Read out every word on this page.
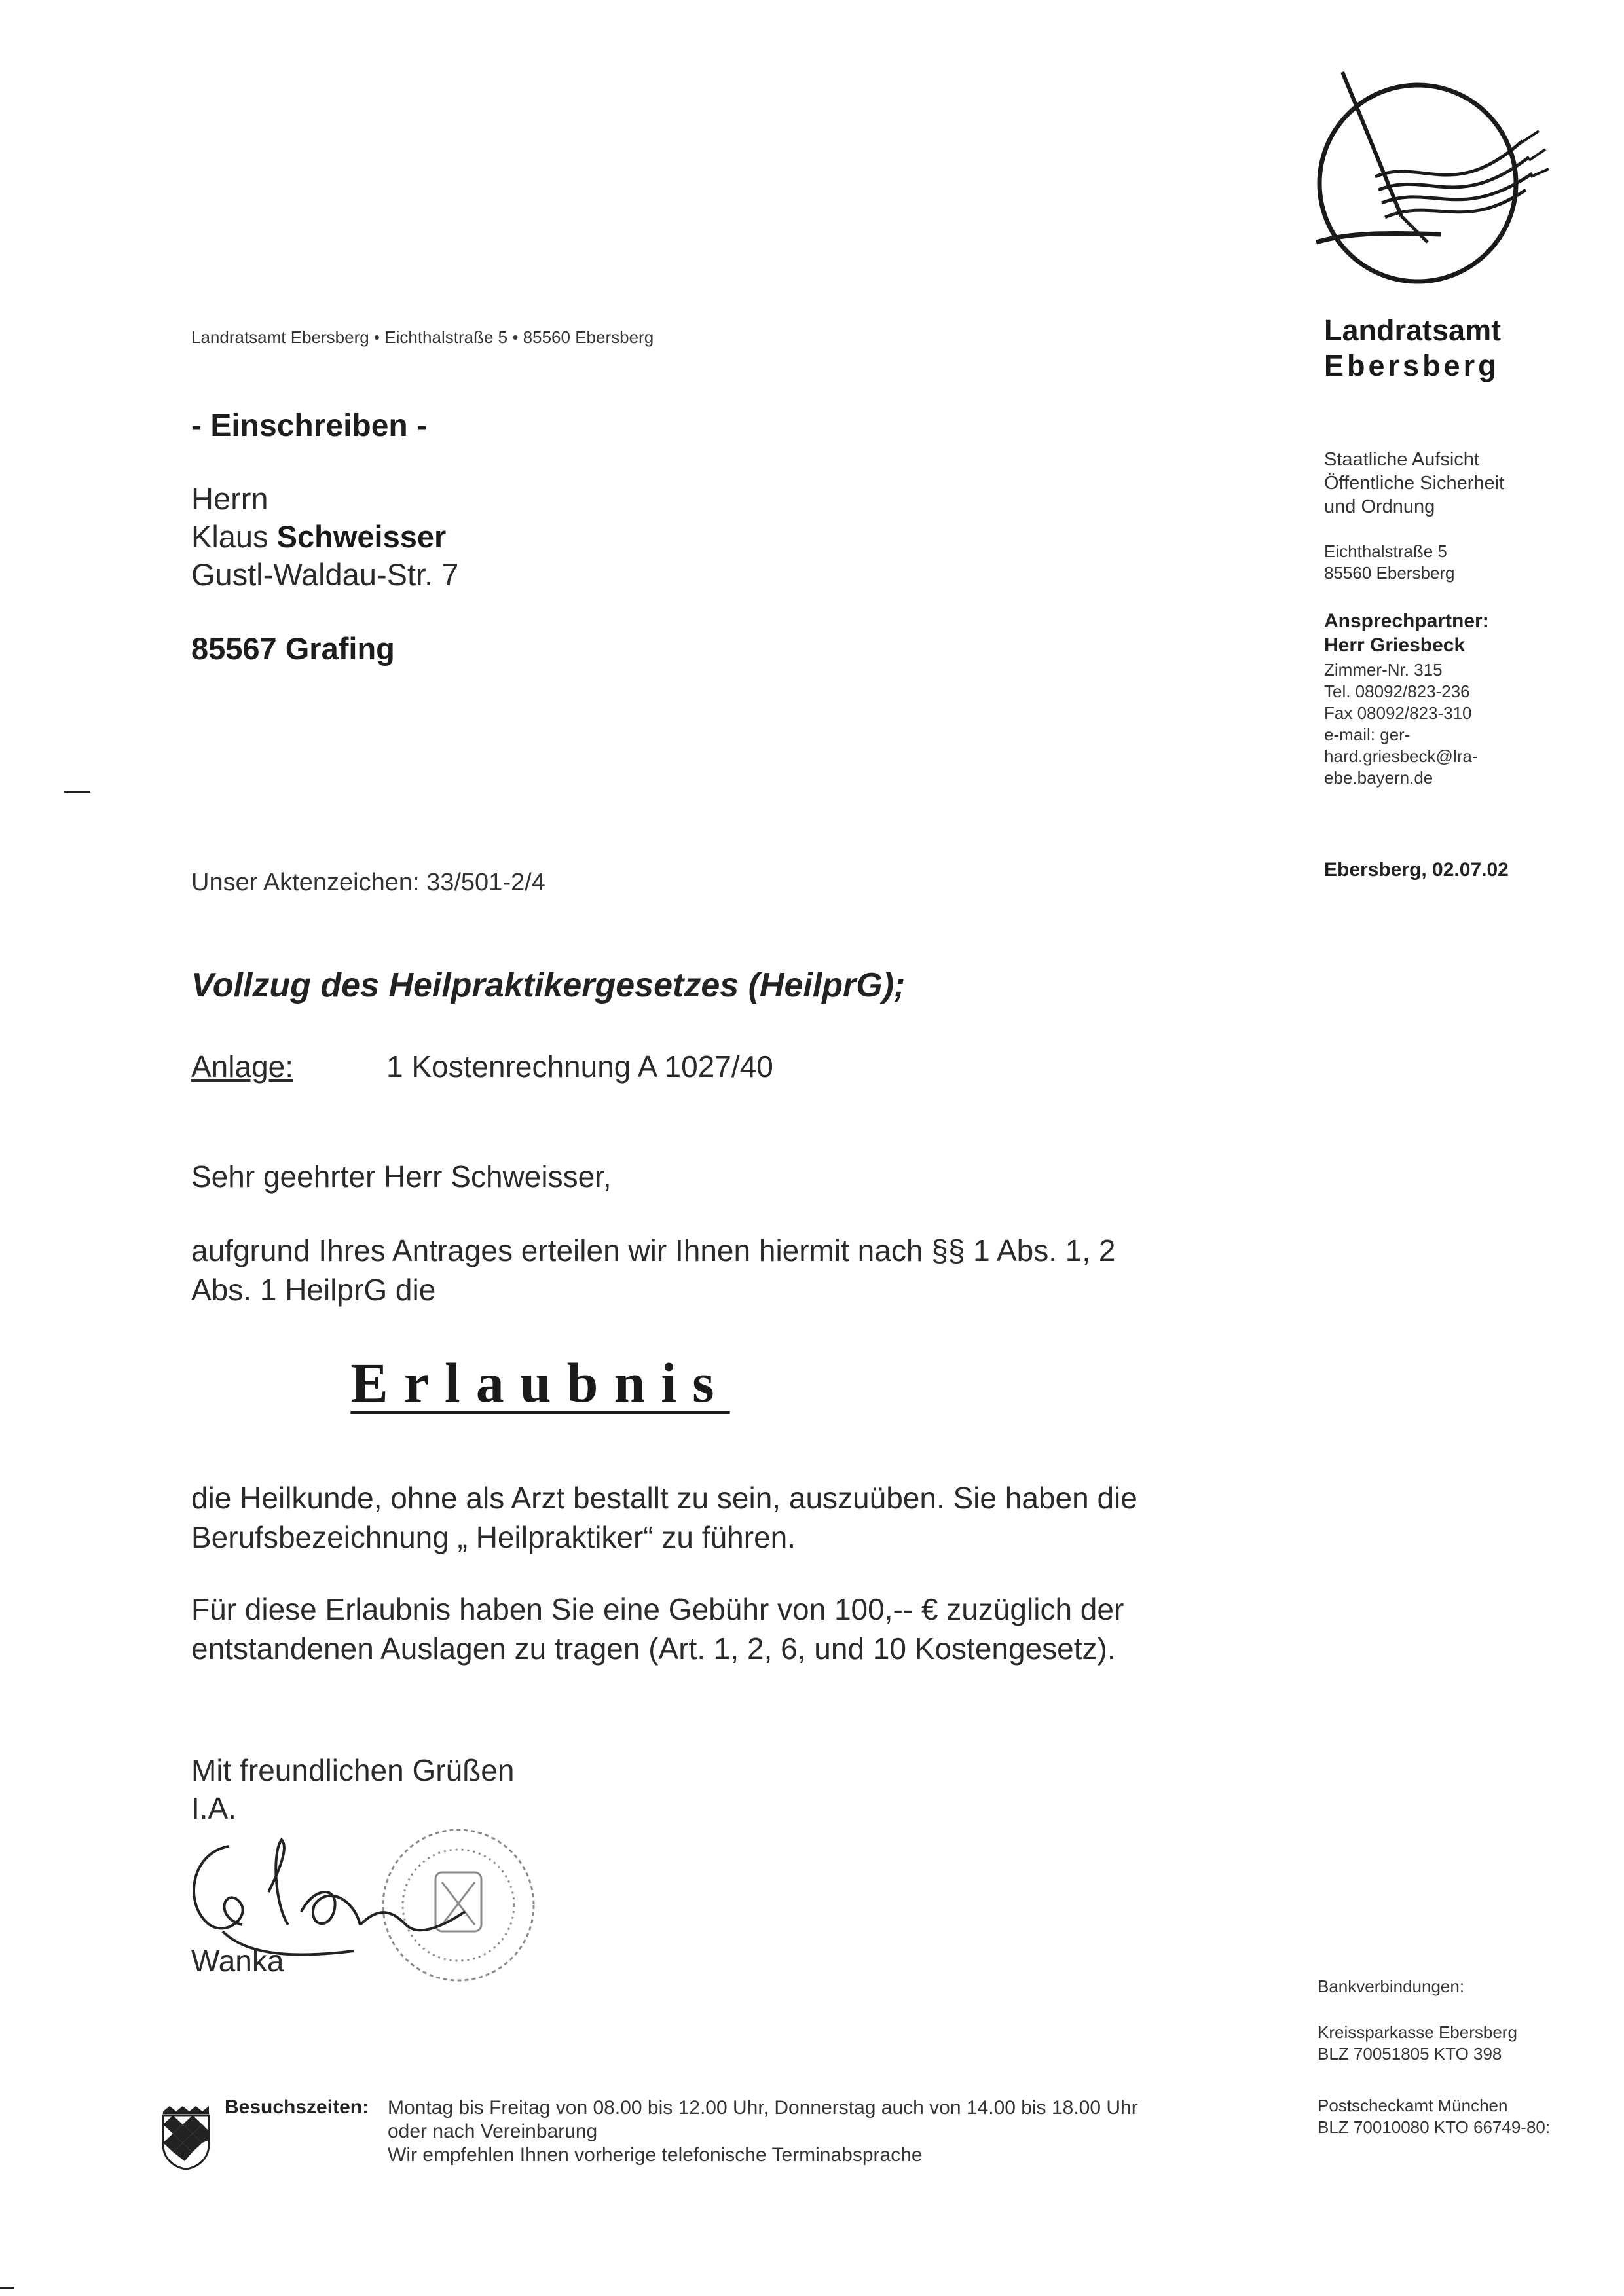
Landratsamt
Ebersberg
Staatliche Aufsicht
Öffentliche Sicherheit
und Ordnung
Eichthalstraße 5
85560 Ebersberg
Ansprechpartner:
Herr Griesbeck
Zimmer-Nr. 315
Tel. 08092/823-236
Fax 08092/823-310
e-mail: ger-
hard.griesbeck@lra-
ebe.bayern.de
Ebersberg, 02.07.02
Landratsamt Ebersberg • Eichthalstraße 5 • 85560 Ebersberg
- Einschreiben -
Herrn
Klaus Schweisser
Gustl-Waldau-Str. 7
85567 Grafing
Unser Aktenzeichen: 33/501-2/4
Vollzug des Heilpraktikergesetzes (HeilprG);
Anlage:	1 Kostenrechnung A 1027/40
Sehr geehrter Herr Schweisser,
aufgrund Ihres Antrages erteilen wir Ihnen hiermit nach §§ 1 Abs. 1, 2
Abs. 1 HeilprG die
Erlaubnis
die Heilkunde, ohne als Arzt bestallt zu sein, auszuüben. Sie haben die
Berufsbezeichnung „ Heilpraktiker“ zu führen.
Für diese Erlaubnis haben Sie eine Gebühr von 100,-- € zuzüglich der
entstandenen Auslagen zu tragen (Art. 1, 2, 6, und 10 Kostengesetz).
Mit freundlichen Grüßen
I.A.
Wanka
Bankverbindungen:
Kreissparkasse Ebersberg
BLZ 70051805 KTO 398
Postscheckamt München
BLZ 70010080 KTO 66749-80:
Besuchszeiten: Montag bis Freitag von 08.00 bis 12.00 Uhr, Donnerstag auch von 14.00 bis 18.00 Uhr
oder nach Vereinbarung
Wir empfehlen Ihnen vorherige telefonische Terminabsprache
